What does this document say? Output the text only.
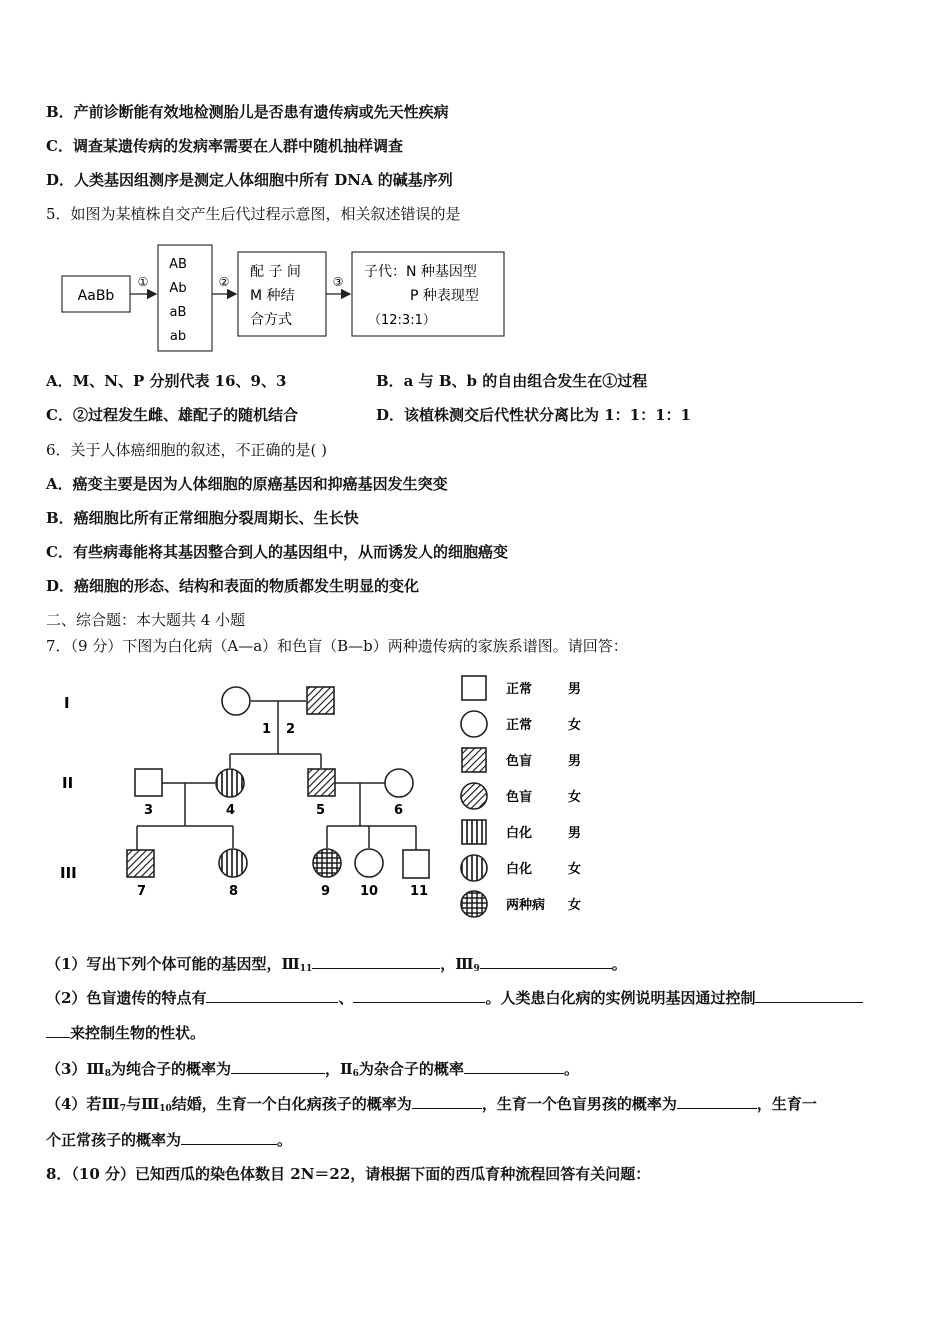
B．产前诊断能有效地检测胎儿是否患有遗传病或先天性疾病
C．调查某遗传病的发病率需要在人群中随机抽样调查
D．人类基因组测序是测定人体细胞中所有 DNA 的碱基序列
5．如图为某植株自交产生后代过程示意图，相关叙述错误的是
AaBb
①
AB
Ab
aB
ab
②
配 子 间
M 种结
合方式
③
子代：N 种基因型
P 种表现型
（12:3:1）
A．M、N、P 分别代表 16、9、3	B．a 与 B、b 的自由组合发生在①过程
C．②过程发生雌、雄配子的随机结合	D．该植株测交后代性状分离比为 1：1：1：1
6．关于人体癌细胞的叙述，不正确的是( )
A．癌变主要是因为人体细胞的原癌基因和抑癌基因发生突变
B．癌细胞比所有正常细胞分裂周期长、生长快
C．有些病毒能将其基因整合到人的基因组中，从而诱发人的细胞癌变
D．癌细胞的形态、结构和表面的物质都发生明显的变化
二、综合题：本大题共 4 小题
7．（9 分）下图为白化病（A—a）和色盲（B—b）两种遗传病的家族系谱图。请回答：
I
II
III
1 2
3	4	5	6
7	8	9 10 11
正常	男
正常	女
色盲	男
色盲	女
白化	男
白化	女
两种病 女
（1）写出下列个体可能的基因型，$Ⅲ_{11}$	，$Ⅲ_9$	。
（2）色盲遗传的特点有	、	。人类患白化病的实例说明基因通过控制
来控制生物的性状。
$(3)Ⅲ_8$为纯合子的概率为	，$Ⅱ_6$为杂合子的概率	。
（4）若$Ⅲ_7$与$Ⅲ_{10}$结婚，生育一个白化病孩子的概率为	，生育一个色盲男孩的概率为	，生育一
个正常孩子的概率为	。
8．（10 分）已知西瓜的染色体数目 2N＝22，请根据下面的西瓜育种流程回答有关问题：
